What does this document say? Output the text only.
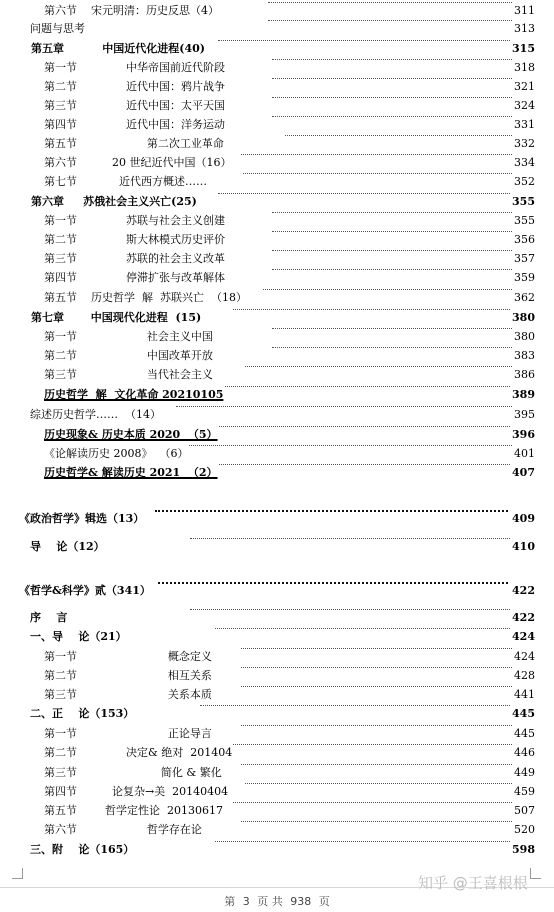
第六节    宋元明清：历史反思（4）	311
问题与思考	313
第五章          中国近代化进程(40)	315
第一节              中华帝国前近代阶段	318
第二节              近代中国：鸦片战争	321
第三节              近代中国：太平天国	324
第四节              近代中国：洋务运动	331
第五节                    第二次工业革命	332
第六节          20 世纪近代中国（16）	334
第七节            近代西方概述……	352
第六章     苏俄社会主义兴亡(25)	355
第一节              苏联与社会主义创建	355
第二节              斯大林模式历史评价	356
第三节              苏联的社会主义改革	357
第四节              停滞扩张与改革解体	359
第五节    历史哲学  解  苏联兴亡  （18）	362
第七章       中国现代化进程  (15)	380
第一节                    社会主义中国	380
第二节                    中国改革开放	383
第三节                    当代社会主义	386
历史哲学  解  文化革命 20210105	389
综述历史哲学……  （14）	395
历史现象& 历史本质 2020  （5）	396
《论解读历史 2008》  （6）	401
历史哲学& 解读历史 2021  （2）	407
《政治哲学》辑选（13）	409
导    论（12）	410
《哲学&科学》贰（341）	422
序    言	422
一、导    论（21）	424
第一节                          概念定义	424
第二节                          相互关系	428
第三节                          关系本质	441
二、正    论（153）	445
第一节                          正论导言	445
第二节              决定& 绝对  201404	446
第三节                        简化 & 繁化	449
第四节          论复杂→美  20140404	459
第五节        哲学定性论  20130617	507
第六节                    哲学存在论	520
三、附    论（165）	598
第 3 页 共 938 页
知乎 @王喜根根
